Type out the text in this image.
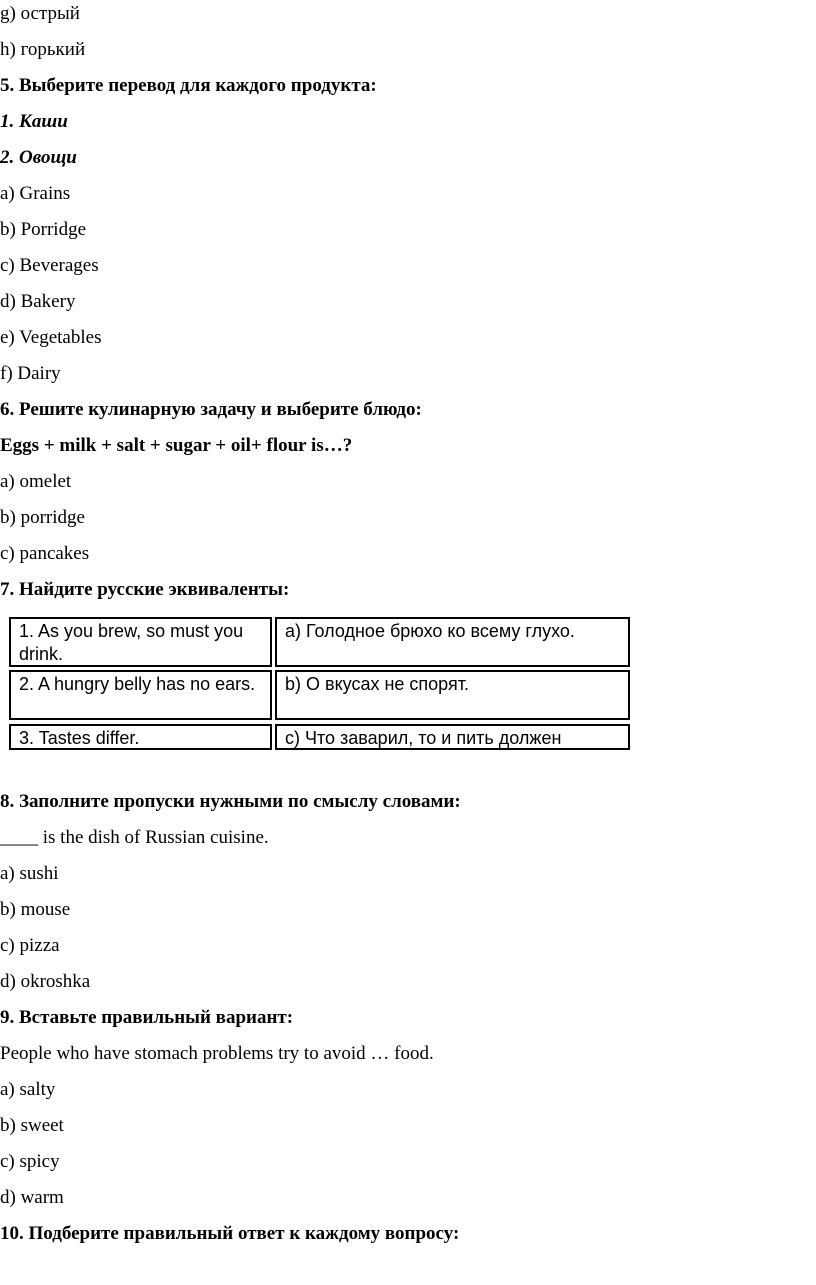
g) острый
h) горький
5. Выберите перевод для каждого продукта:
1. Каши
2. Овощи
a) Grains
b) Porridge
c) Beverages
d) Bakery
e) Vegetables
f) Dairy
6. Решите кулинарную задачу и выберите блюдо:
Eggs + milk + salt + sugar + oil+ flour is…?
a) omelet
b) porridge
c) pancakes
7. Найдите русские эквиваленты:
1. As you brew, so must you drink.
a) Голодное брюхо ко всему глухо.
2. A hungry belly has no ears.	b) О вкусах не спорят.
3. Tastes differ.	c) Что заварил, то и пить должен
8. Заполните пропуски нужными по смыслу словами:
____ is the dish of Russian cuisine.
a) sushi
b) mouse
c) pizza
d) okroshka
9. Вставьте правильный вариант:
People who have stomach problems try to avoid … food.
a) salty
b) sweet
c) spicy
d) warm
10. Подберите правильный ответ к каждому вопросу:
